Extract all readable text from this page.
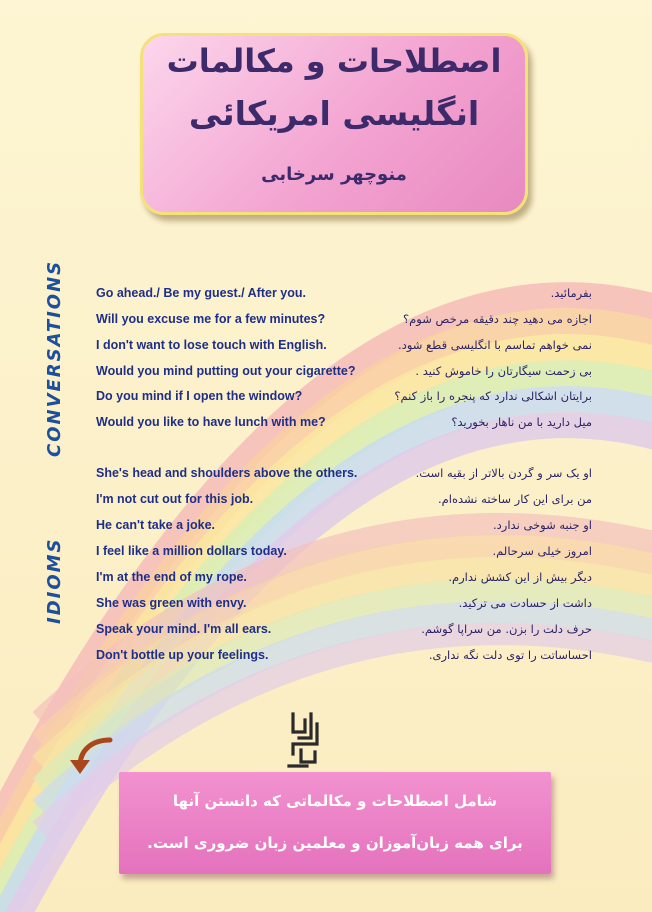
اصطلاحات و مکالمات
انگلیسی امریکائی
منوچهر سرخابی
CONVERSATIONS
IDIOMS
Go ahead./ Be my guest./ After you.	بفرمائید.
Will you excuse me for a few minutes?	اجازه می دهید چند دقیقه مرخص شوم؟
I don't want to lose touch with English.	نمی خواهم تماسم با انگلیسی قطع شود.
Would you mind putting out your cigarette?	بی زحمت سیگارتان را خاموش کنید .
Do you mind if I open the window?	برایتان اشکالی ندارد که پنجره را باز کنم؟
Would you like to have lunch with me?	میل دارید با من ناهار بخورید؟
She's head and shoulders above the others.	او یک سر و گردن بالاتر از بقیه است.
I'm not cut out for this job.	من برای این کار ساخته نشده‌ام.
He can't take a joke.	او جنبه شوخی ندارد.
I feel like a million dollars today.	امروز خیلی سرحالم.
I'm at the end of my rope.	دیگر بیش از این کشش ندارم.
She was green with envy.	داشت از حسادت می ترکید.
Speak your mind. I'm all ears.	حرف دلت را بزن. من سراپا گوشم.
Don't bottle up your feelings.	احساساتت را توی دلت نگه نداری.
شامل اصطلاحات و مکالماتی که دانستن آنها
برای همه زبان‌آموزان و معلمین زبان ضروری است.
